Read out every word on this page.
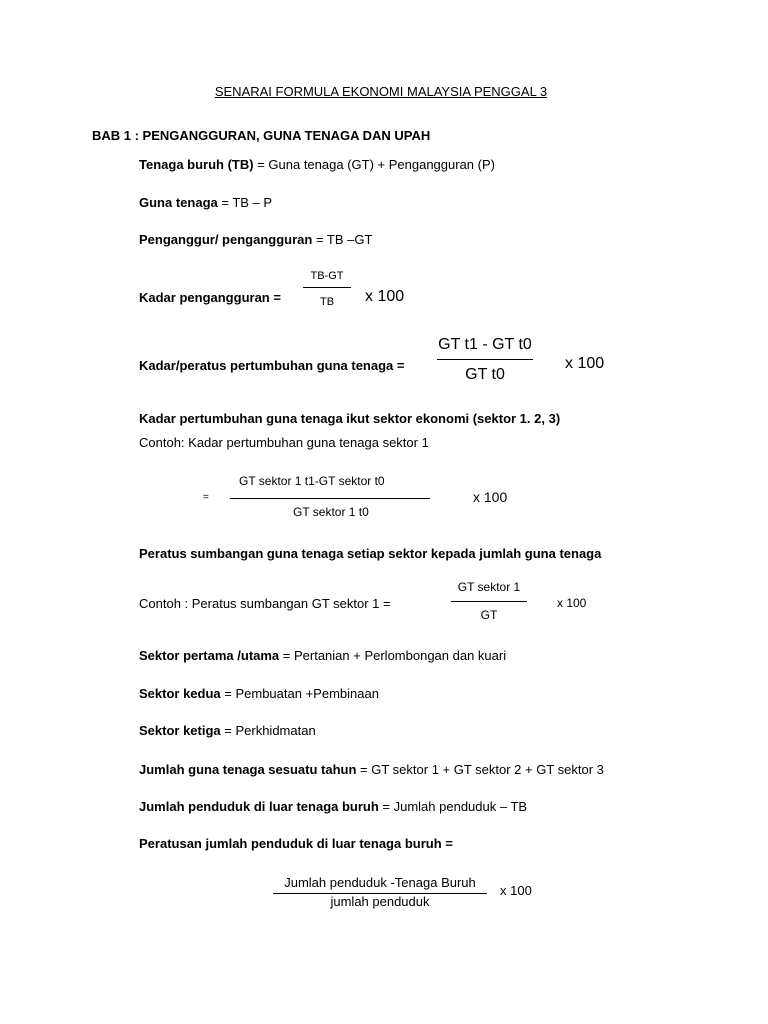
SENARAI FORMULA EKONOMI MALAYSIA PENGGAL 3
BAB 1 : PENGANGGURAN, GUNA TENAGA DAN UPAH
Tenaga buruh (TB) = Guna tenaga (GT) + Pengangguran (P)
Guna tenaga = TB – P
Penganggur/ pengangguran = TB –GT
Kadar pengangguran =
TB-GT
TB	x 100
Kadar/peratus pertumbuhan guna tenaga =
GT t1 - GT t0
GT t0
x 100
Kadar pertumbuhan guna tenaga ikut sektor ekonomi (sektor 1. 2, 3)
Contoh: Kadar pertumbuhan guna tenaga sektor 1
=
GT sektor 1 t1-GT sektor t0
GT sektor 1 t0
x 100
Peratus sumbangan guna tenaga setiap sektor kepada jumlah guna tenaga
Contoh : Peratus sumbangan GT sektor 1 =
GT sektor 1
GT
x 100
Sektor pertama /utama = Pertanian + Perlombongan dan kuari
Sektor kedua = Pembuatan +Pembinaan
Sektor ketiga = Perkhidmatan
Jumlah guna tenaga sesuatu tahun = GT sektor 1 + GT sektor 2 + GT sektor 3
Jumlah penduduk di luar tenaga buruh = Jumlah penduduk – TB
Peratusan jumlah penduduk di luar tenaga buruh =
Jumlah penduduk -Tenaga Buruh
jumlah penduduk
x 100
